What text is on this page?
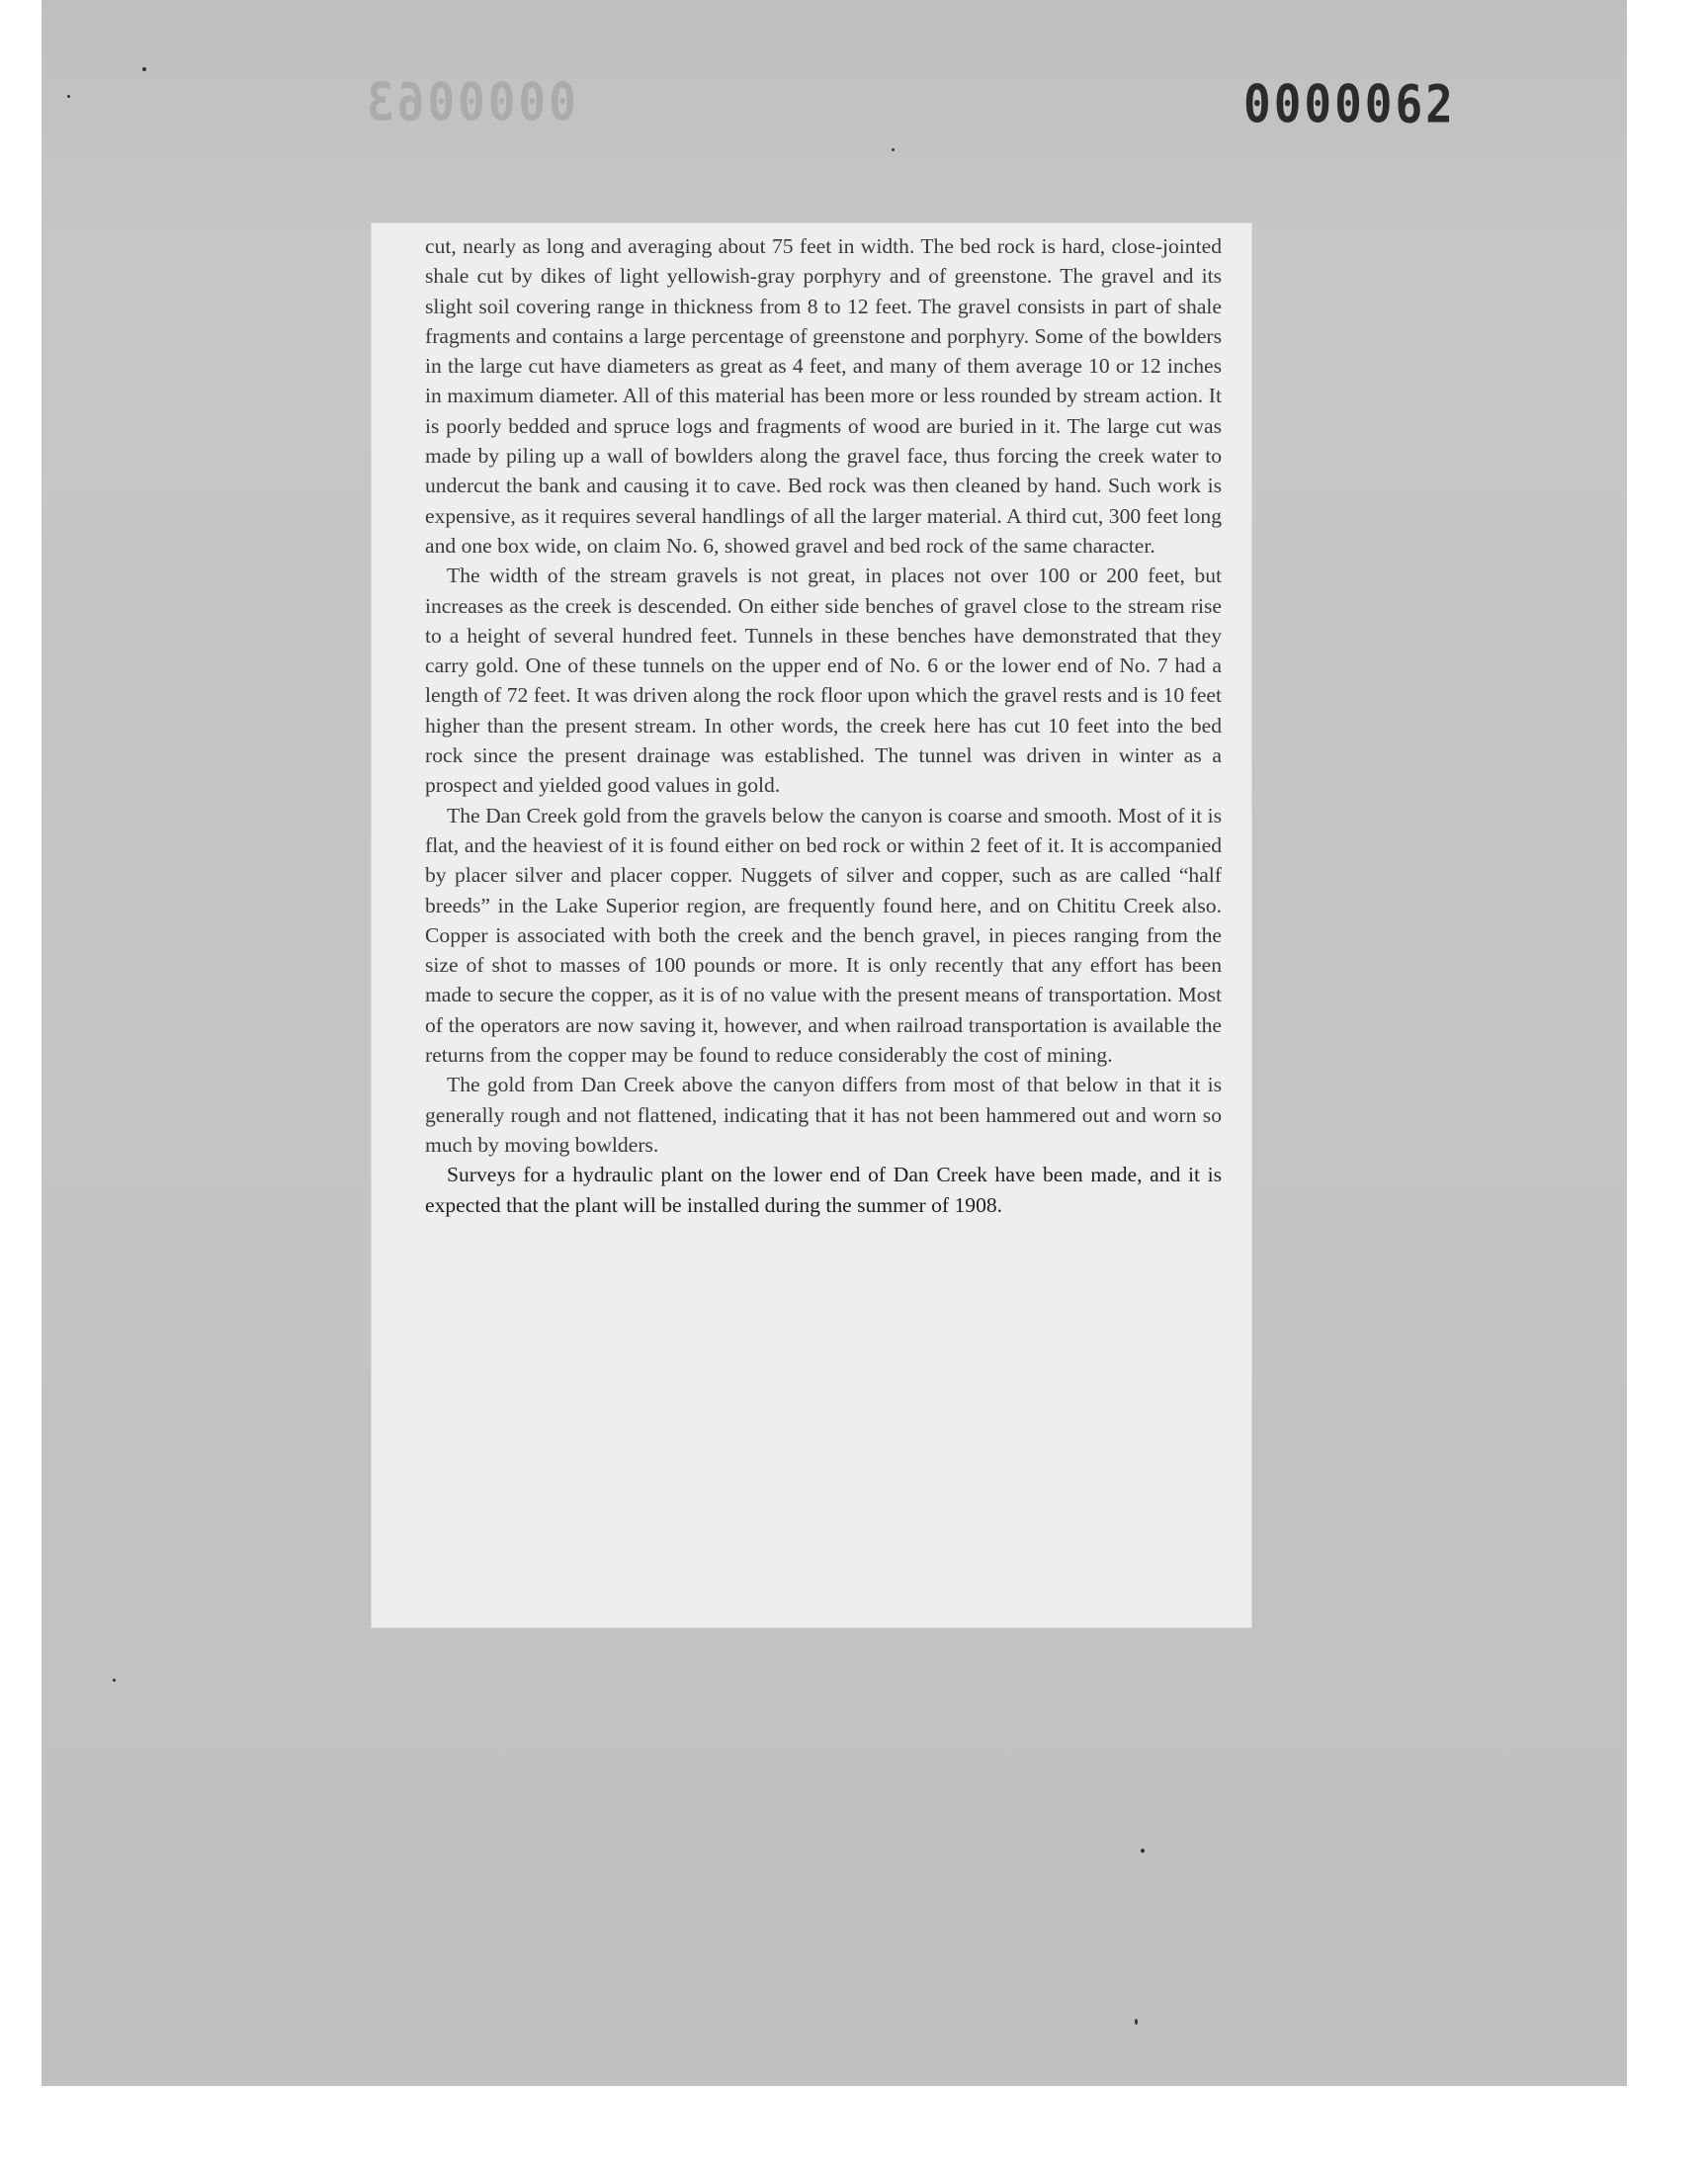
0000063	0000062

cut, nearly as long and averaging about 75 feet in width. The bed rock is hard, close-jointed shale cut by dikes of light yellowish-gray porphyry and of greenstone. The gravel and its slight soil covering range in thickness from 8 to 12 feet. The gravel consists in part of shale fragments and contains a large percentage of greenstone and porphyry. Some of the bowlders in the large cut have diameters as great as 4 feet, and many of them average 10 or 12 inches in maximum diameter. All of this material has been more or less rounded by stream action. It is poorly bedded and spruce logs and fragments of wood are buried in it. The large cut was made by piling up a wall of bowlders along the gravel face, thus forcing the creek water to undercut the bank and causing it to cave. Bed rock was then cleaned by hand. Such work is expensive, as it requires several handlings of all the larger material. A third cut, 300 feet long and one box wide, on claim No. 6, showed gravel and bed rock of the same character.

The width of the stream gravels is not great, in places not over 100 or 200 feet, but increases as the creek is descended. On either side benches of gravel close to the stream rise to a height of several hundred feet. Tunnels in these benches have demonstrated that they carry gold. One of these tunnels on the upper end of No. 6 or the lower end of No. 7 had a length of 72 feet. It was driven along the rock floor upon which the gravel rests and is 10 feet higher than the present stream. In other words, the creek here has cut 10 feet into the bed rock since the present drainage was established. The tunnel was driven in winter as a prospect and yielded good values in gold.

The Dan Creek gold from the gravels below the canyon is coarse and smooth. Most of it is flat, and the heaviest of it is found either on bed rock or within 2 feet of it. It is accompanied by placer silver and placer copper. Nuggets of silver and copper, such as are called “half breeds” in the Lake Superior region, are frequently found here, and on Chititu Creek also. Copper is associated with both the creek and the bench gravel, in pieces ranging from the size of shot to masses of 100 pounds or more. It is only recently that any effort has been made to secure the copper, as it is of no value with the present means of transportation. Most of the operators are now saving it, however, and when railroad transportation is available the returns from the copper may be found to reduce considerably the cost of mining.

The gold from Dan Creek above the canyon differs from most of that below in that it is generally rough and not flattened, indicating that it has not been hammered out and worn so much by moving bowlders.

Surveys for a hydraulic plant on the lower end of Dan Creek have been made, and it is expected that the plant will be installed during the summer of 1908.
